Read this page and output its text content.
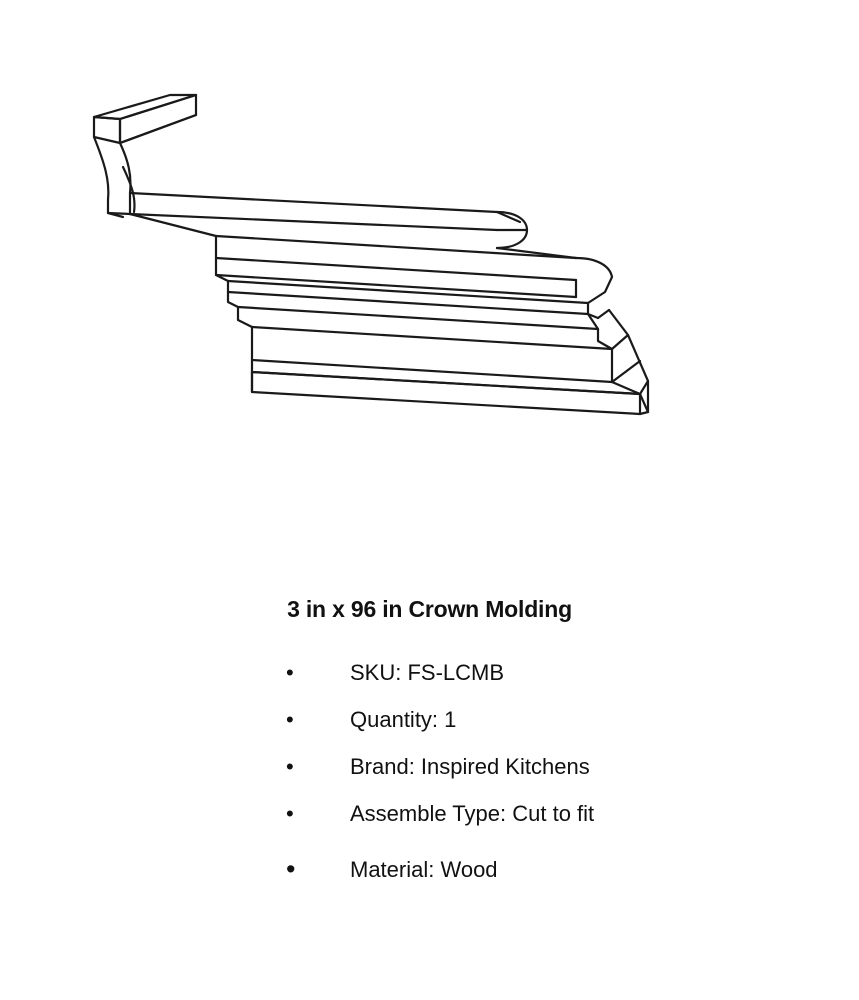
3 in x 96 in Crown Molding
•	SKU: FS-LCMB
•	Quantity: 1
•	Brand: Inspired Kitchens
•	Assemble Type: Cut to fit
• Material: Wood
